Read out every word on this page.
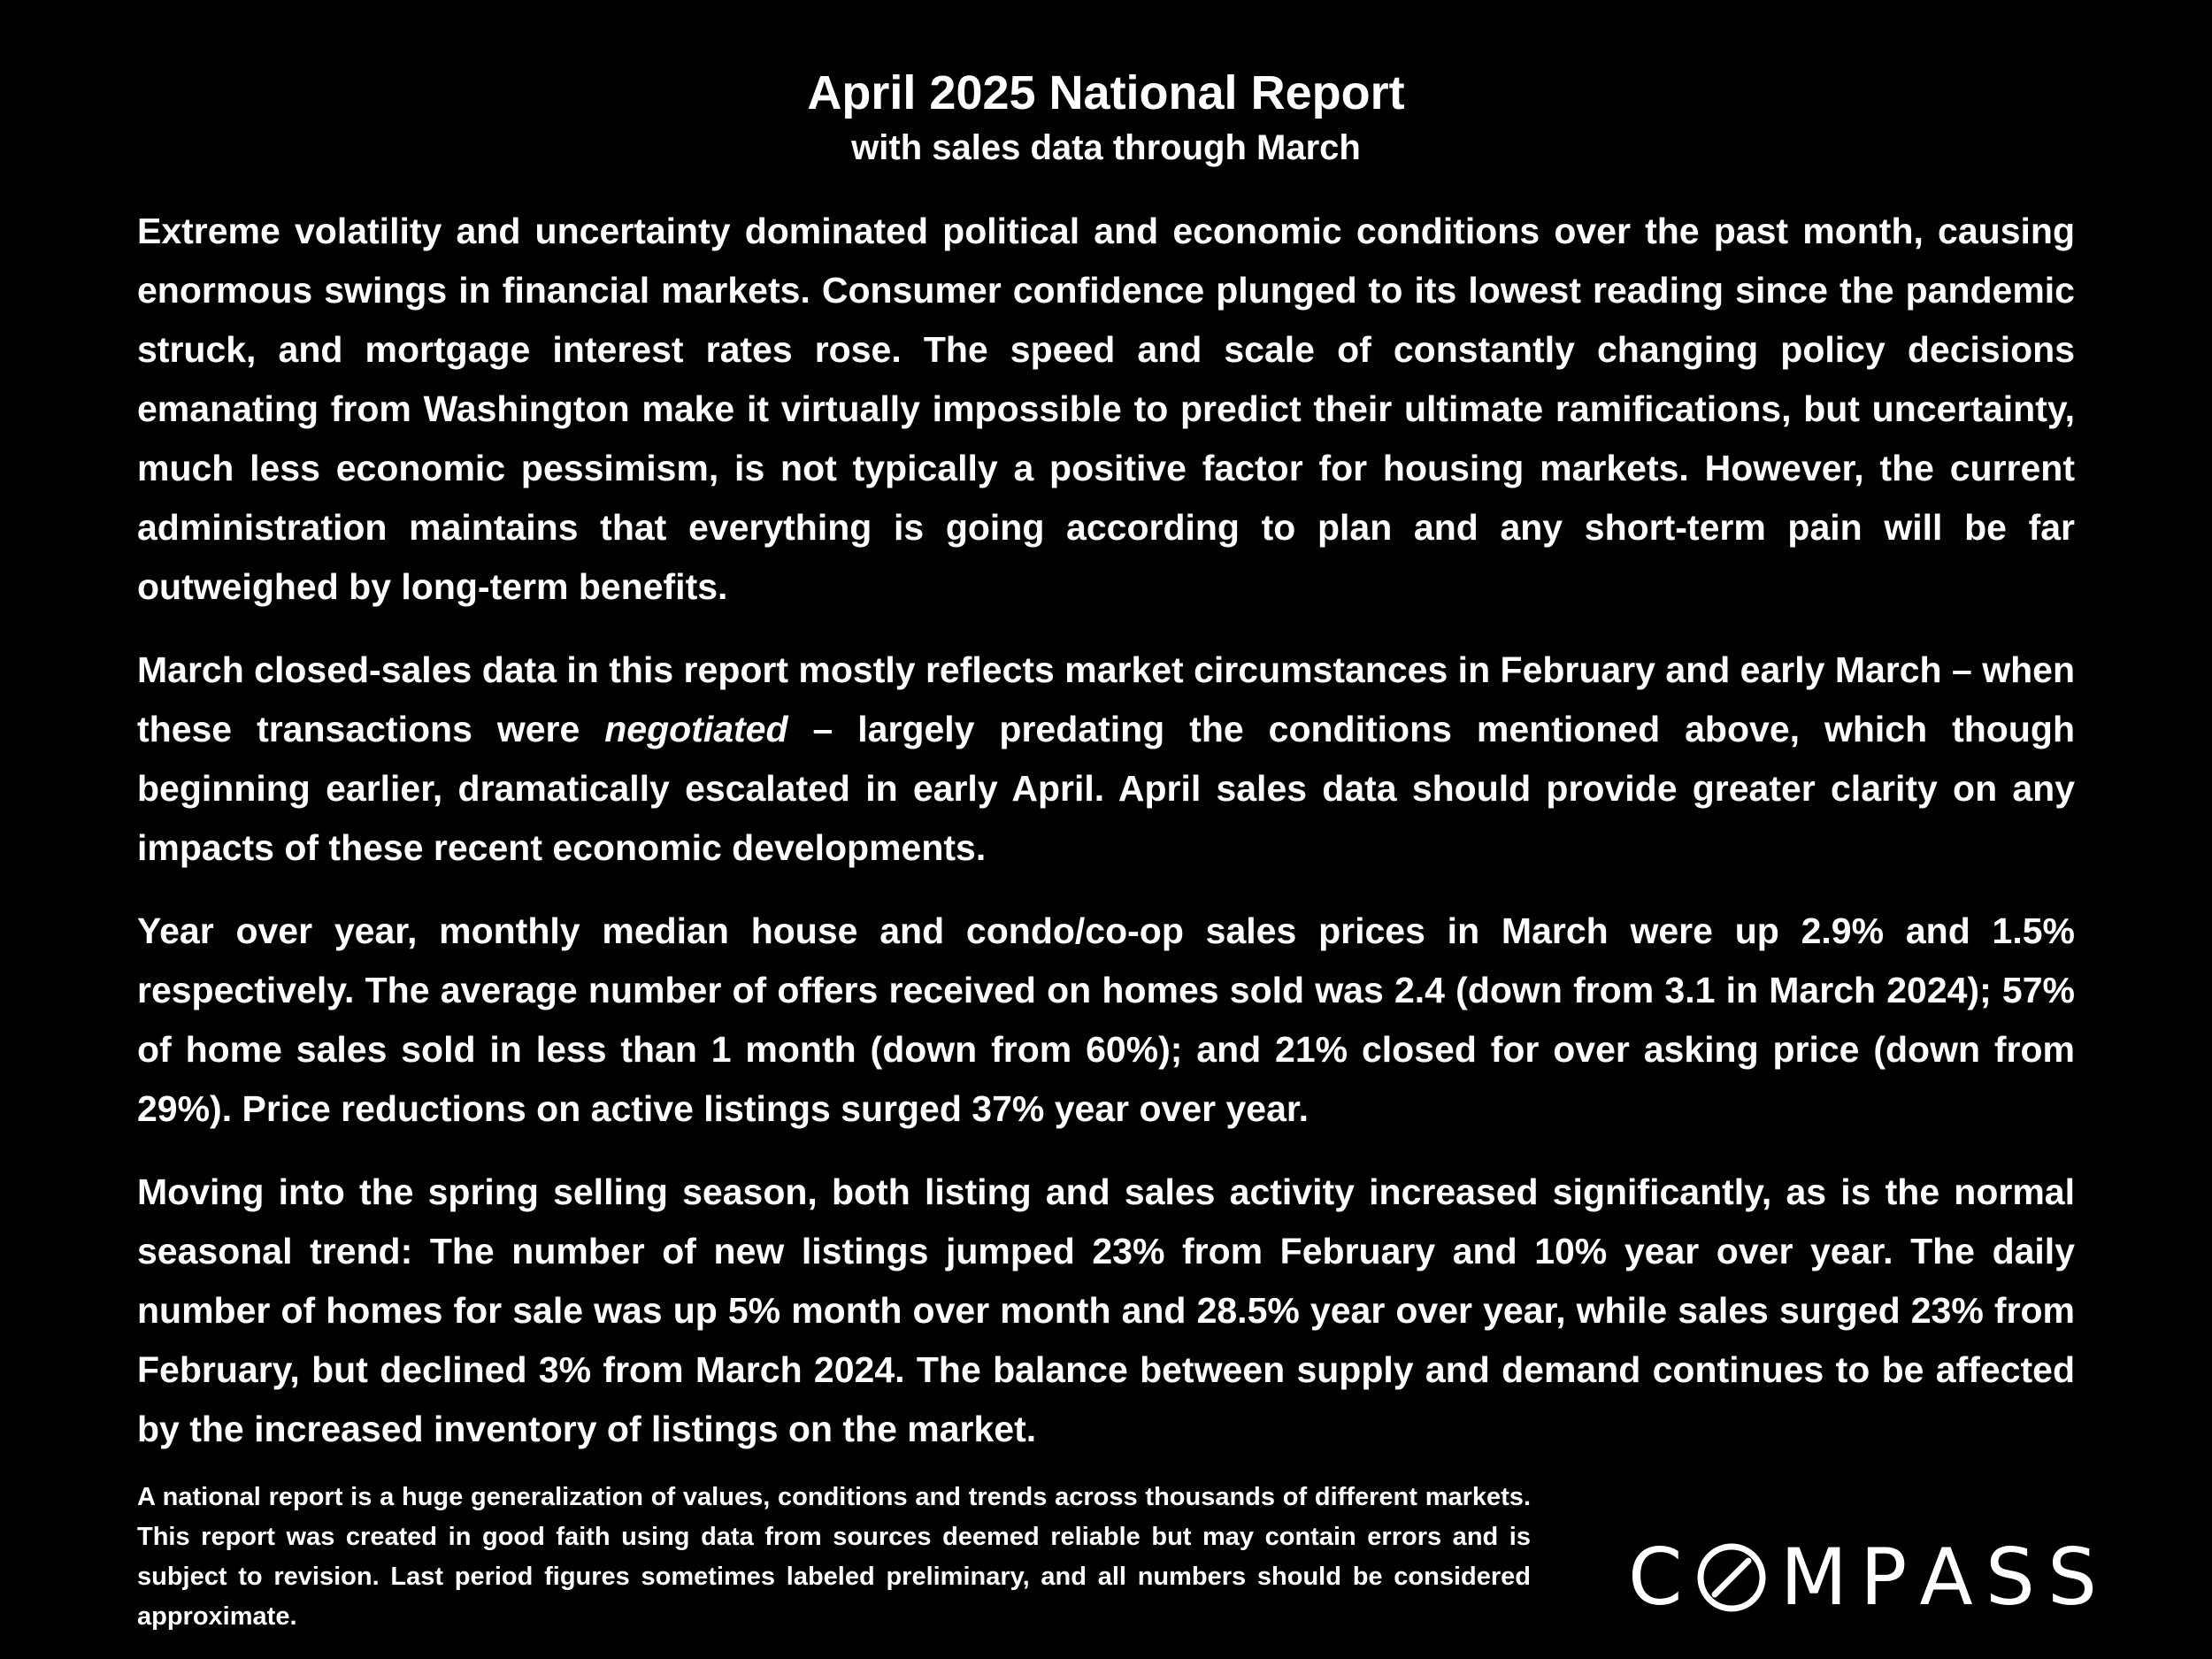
April 2025 National Report
with sales data through March

Extreme volatility and uncertainty dominated political and economic conditions over the past month, causing enormous swings in financial markets. Consumer confidence plunged to its lowest reading since the pandemic struck, and mortgage interest rates rose. The speed and scale of constantly changing policy decisions emanating from Washington make it virtually impossible to predict their ultimate ramifications, but uncertainty, much less economic pessimism, is not typically a positive factor for housing markets. However, the current administration maintains that everything is going according to plan and any short-term pain will be far outweighed by long-term benefits.

March closed-sales data in this report mostly reflects market circumstances in February and early March – when these transactions were negotiated – largely predating the conditions mentioned above, which though beginning earlier, dramatically escalated in early April. April sales data should provide greater clarity on any impacts of these recent economic developments.

Year over year, monthly median house and condo/co-op sales prices in March were up 2.9% and 1.5% respectively. The average number of offers received on homes sold was 2.4 (down from 3.1 in March 2024); 57% of home sales sold in less than 1 month (down from 60%); and 21% closed for over asking price (down from 29%). Price reductions on active listings surged 37% year over year.

Moving into the spring selling season, both listing and sales activity increased significantly, as is the normal seasonal trend: The number of new listings jumped 23% from February and 10% year over year. The daily number of homes for sale was up 5% month over month and 28.5% year over year, while sales surged 23% from February, but declined 3% from March 2024. The balance between supply and demand continues to be affected by the increased inventory of listings on the market.

A national report is a huge generalization of values, conditions and trends across thousands of different markets. This report was created in good faith using data from sources deemed reliable but may contain errors and is subject to revision. Last period figures sometimes labeled preliminary, and all numbers should be considered approximate.	C M P A S S
